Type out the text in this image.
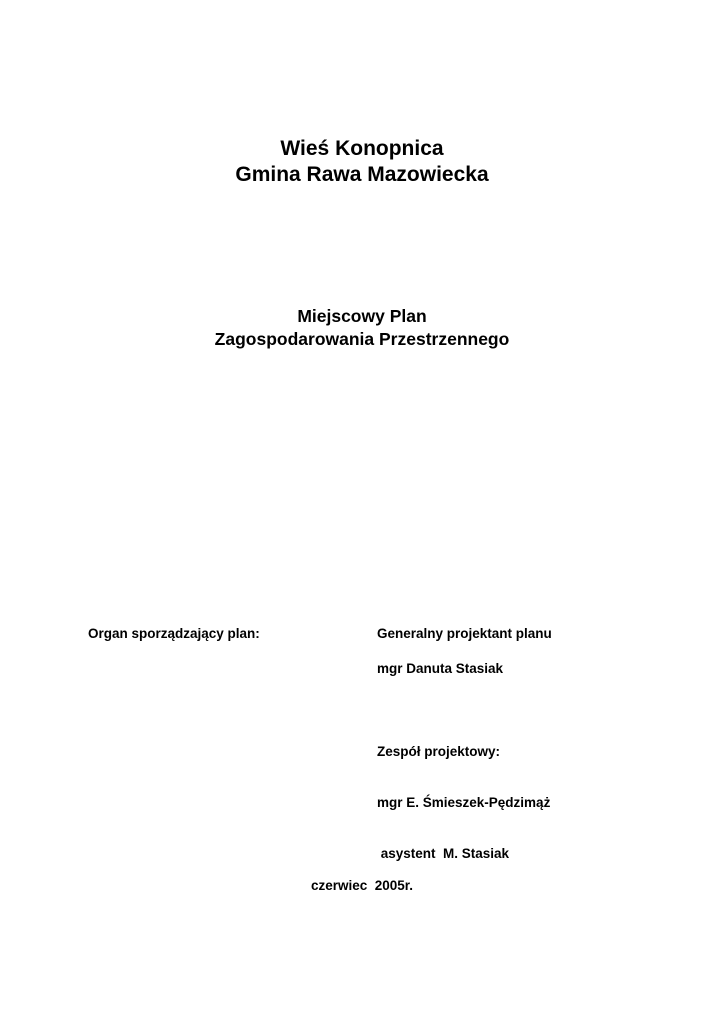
Wieś Konopnica
Gmina Rawa Mazowiecka
Miejscowy Plan
Zagospodarowania Przestrzennego
Organ sporządzający plan:	Generalny projektant planu
mgr Danuta Stasiak

Zespół projektowy:

mgr E. Śmieszek-Pędzimąż

asystent  M. Stasiak

czerwiec  2005r.
